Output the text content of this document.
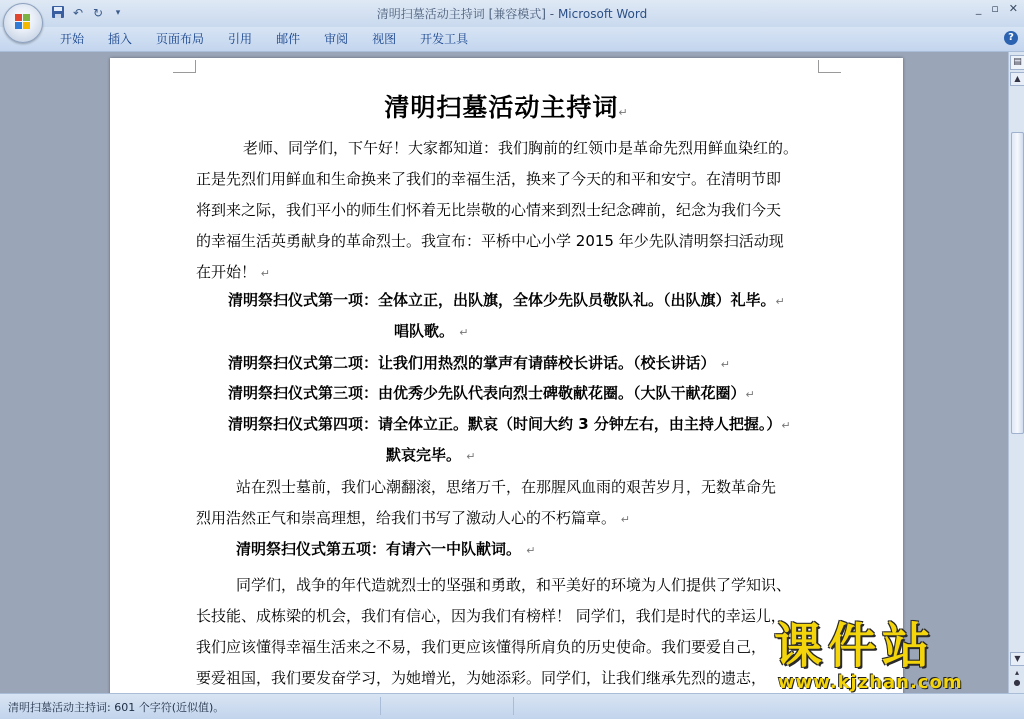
↶ ↻	▾	清明扫墓活动主持词 [兼容模式] - Microsoft Word	_ ▫ ✕
开始	插入	页面布局	引用	邮件	审阅	视图	开发工具	?
清明扫墓活动主持词↵
老师、同学们，下午好！大家都知道：我们胸前的红领巾是革命先烈用鲜血染红的。
正是先烈们用鲜血和生命换来了我们的幸福生活，换来了今天的和平和安宁。在清明节即
将到来之际，我们平小的师生们怀着无比崇敬的心情来到烈士纪念碑前，纪念为我们今天
的幸福生活英勇献身的革命烈士。我宣布：平桥中心小学 2015 年少先队清明祭扫活动现
在开始！ ↵
清明祭扫仪式第一项：全体立正，出队旗，全体少先队员敬队礼。（出队旗）礼毕。↵
唱队歌。 ↵
清明祭扫仪式第二项：让我们用热烈的掌声有请薛校长讲话。（校长讲话） ↵
清明祭扫仪式第三项：由优秀少先队代表向烈士碑敬献花圈。（大队干献花圈）↵
清明祭扫仪式第四项：请全体立正。默哀（时间大约 3 分钟左右，由主持人把握。）↵
默哀完毕。 ↵
站在烈士墓前，我们心潮翻滚，思绪万千，在那腥风血雨的艰苦岁月，无数革命先
烈用浩然正气和崇高理想，给我们书写了激动人心的不朽篇章。 ↵
清明祭扫仪式第五项：有请六一中队献词。 ↵
同学们，战争的年代造就烈士的坚强和勇敢，和平美好的环境为人们提供了学知识、
长技能、成栋梁的机会，我们有信心，因为我们有榜样！ 同学们，我们是时代的幸运儿，
我们应该懂得幸福生活来之不易，我们更应该懂得所肩负的历史使命。我们要爱自己，
要爱祖国，我们要发奋学习，为她增光，为她添彩。同学们，让我们继承先烈的遗志，
▤
▲
▼
▴
●
课件站
www.kjzhan.com
清明扫墓活动主持词: 601 个字符(近似值)。
